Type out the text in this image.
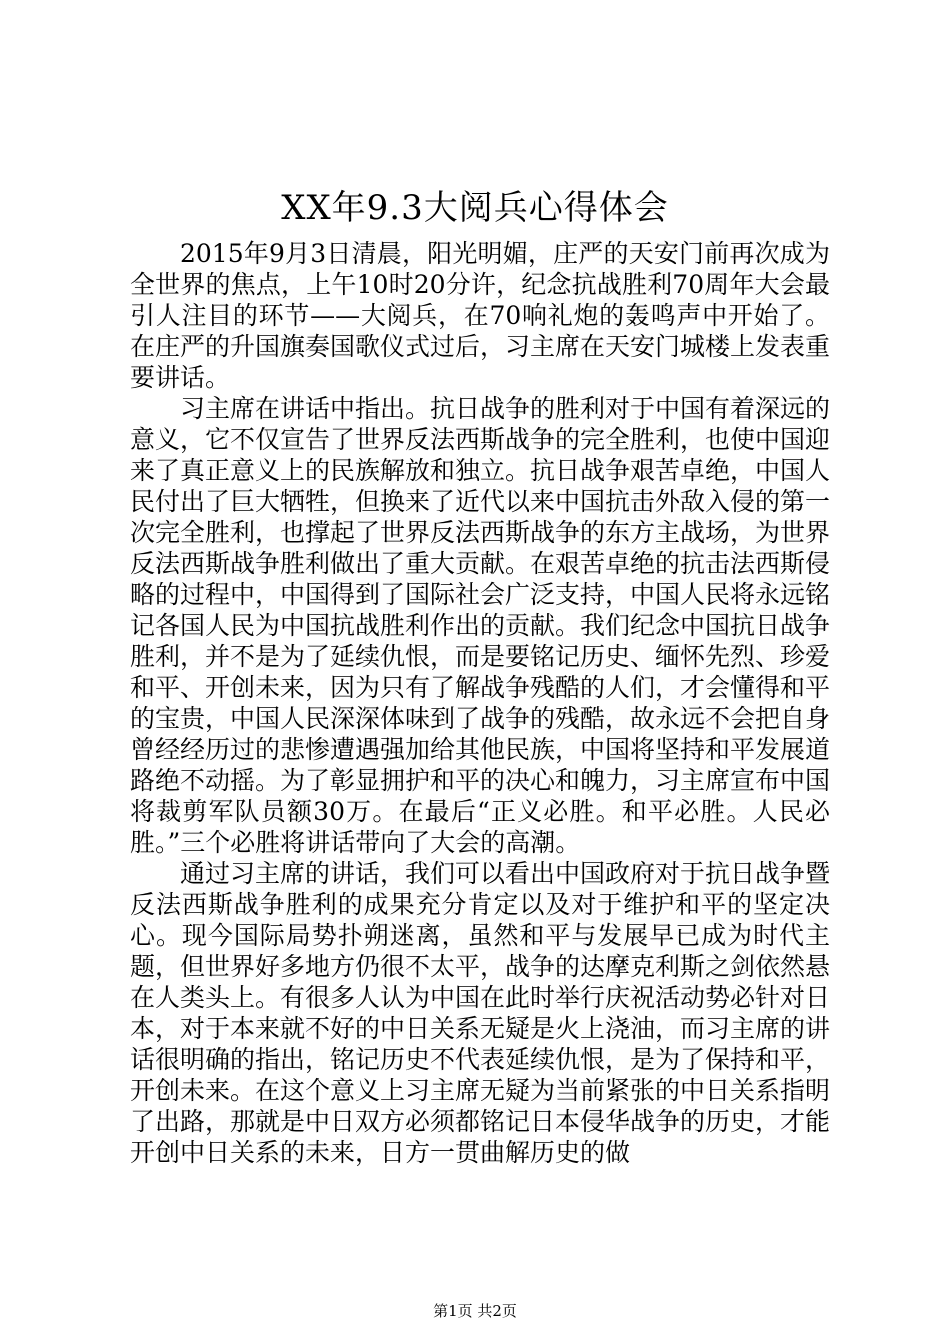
XX年9.3大阅兵心得体会

2015年9月3日清晨，阳光明媚，庄严的天安门前再次成为全世界的焦点，上午10时20分许，纪念抗战胜利70周年大会最引人注目的环节——大阅兵，在70响礼炮的轰鸣声中开始了。在庄严的升国旗奏国歌仪式过后，习主席在天安门城楼上发表重要讲话。

习主席在讲话中指出。抗日战争的胜利对于中国有着深远的意义，它不仅宣告了世界反法西斯战争的完全胜利，也使中国迎来了真正意义上的民族解放和独立。抗日战争艰苦卓绝，中国人民付出了巨大牺牲，但换来了近代以来中国抗击外敌入侵的第一次完全胜利，也撑起了世界反法西斯战争的东方主战场，为世界反法西斯战争胜利做出了重大贡献。在艰苦卓绝的抗击法西斯侵略的过程中，中国得到了国际社会广泛支持，中国人民将永远铭记各国人民为中国抗战胜利作出的贡献。我们纪念中国抗日战争胜利，并不是为了延续仇恨，而是要铭记历史、缅怀先烈、珍爱和平、开创未来，因为只有了解战争残酷的人们，才会懂得和平的宝贵，中国人民深深体味到了战争的残酷，故永远不会把自身曾经经历过的悲惨遭遇强加给其他民族，中国将坚持和平发展道路绝不动摇。为了彰显拥护和平的决心和魄力，习主席宣布中国将裁剪军队员额30万。在最后“正义必胜。和平必胜。人民必胜。”三个必胜将讲话带向了大会的高潮。

通过习主席的讲话，我们可以看出中国政府对于抗日战争暨反法西斯战争胜利的成果充分肯定以及对于维护和平的坚定决心。现今国际局势扑朔迷离，虽然和平与发展早已成为时代主题，但世界好多地方仍很不太平，战争的达摩克利斯之剑依然悬在人类头上。有很多人认为中国在此时举行庆祝活动势必针对日本，对于本来就不好的中日关系无疑是火上浇油，而习主席的讲话很明确的指出，铭记历史不代表延续仇恨，是为了保持和平，开创未来。在这个意义上习主席无疑为当前紧张的中日关系指明了出路，那就是中日双方必须都铭记日本侵华战争的历史，才能开创中日关系的未来，日方一贯曲解历史的做

第1页 共2页
